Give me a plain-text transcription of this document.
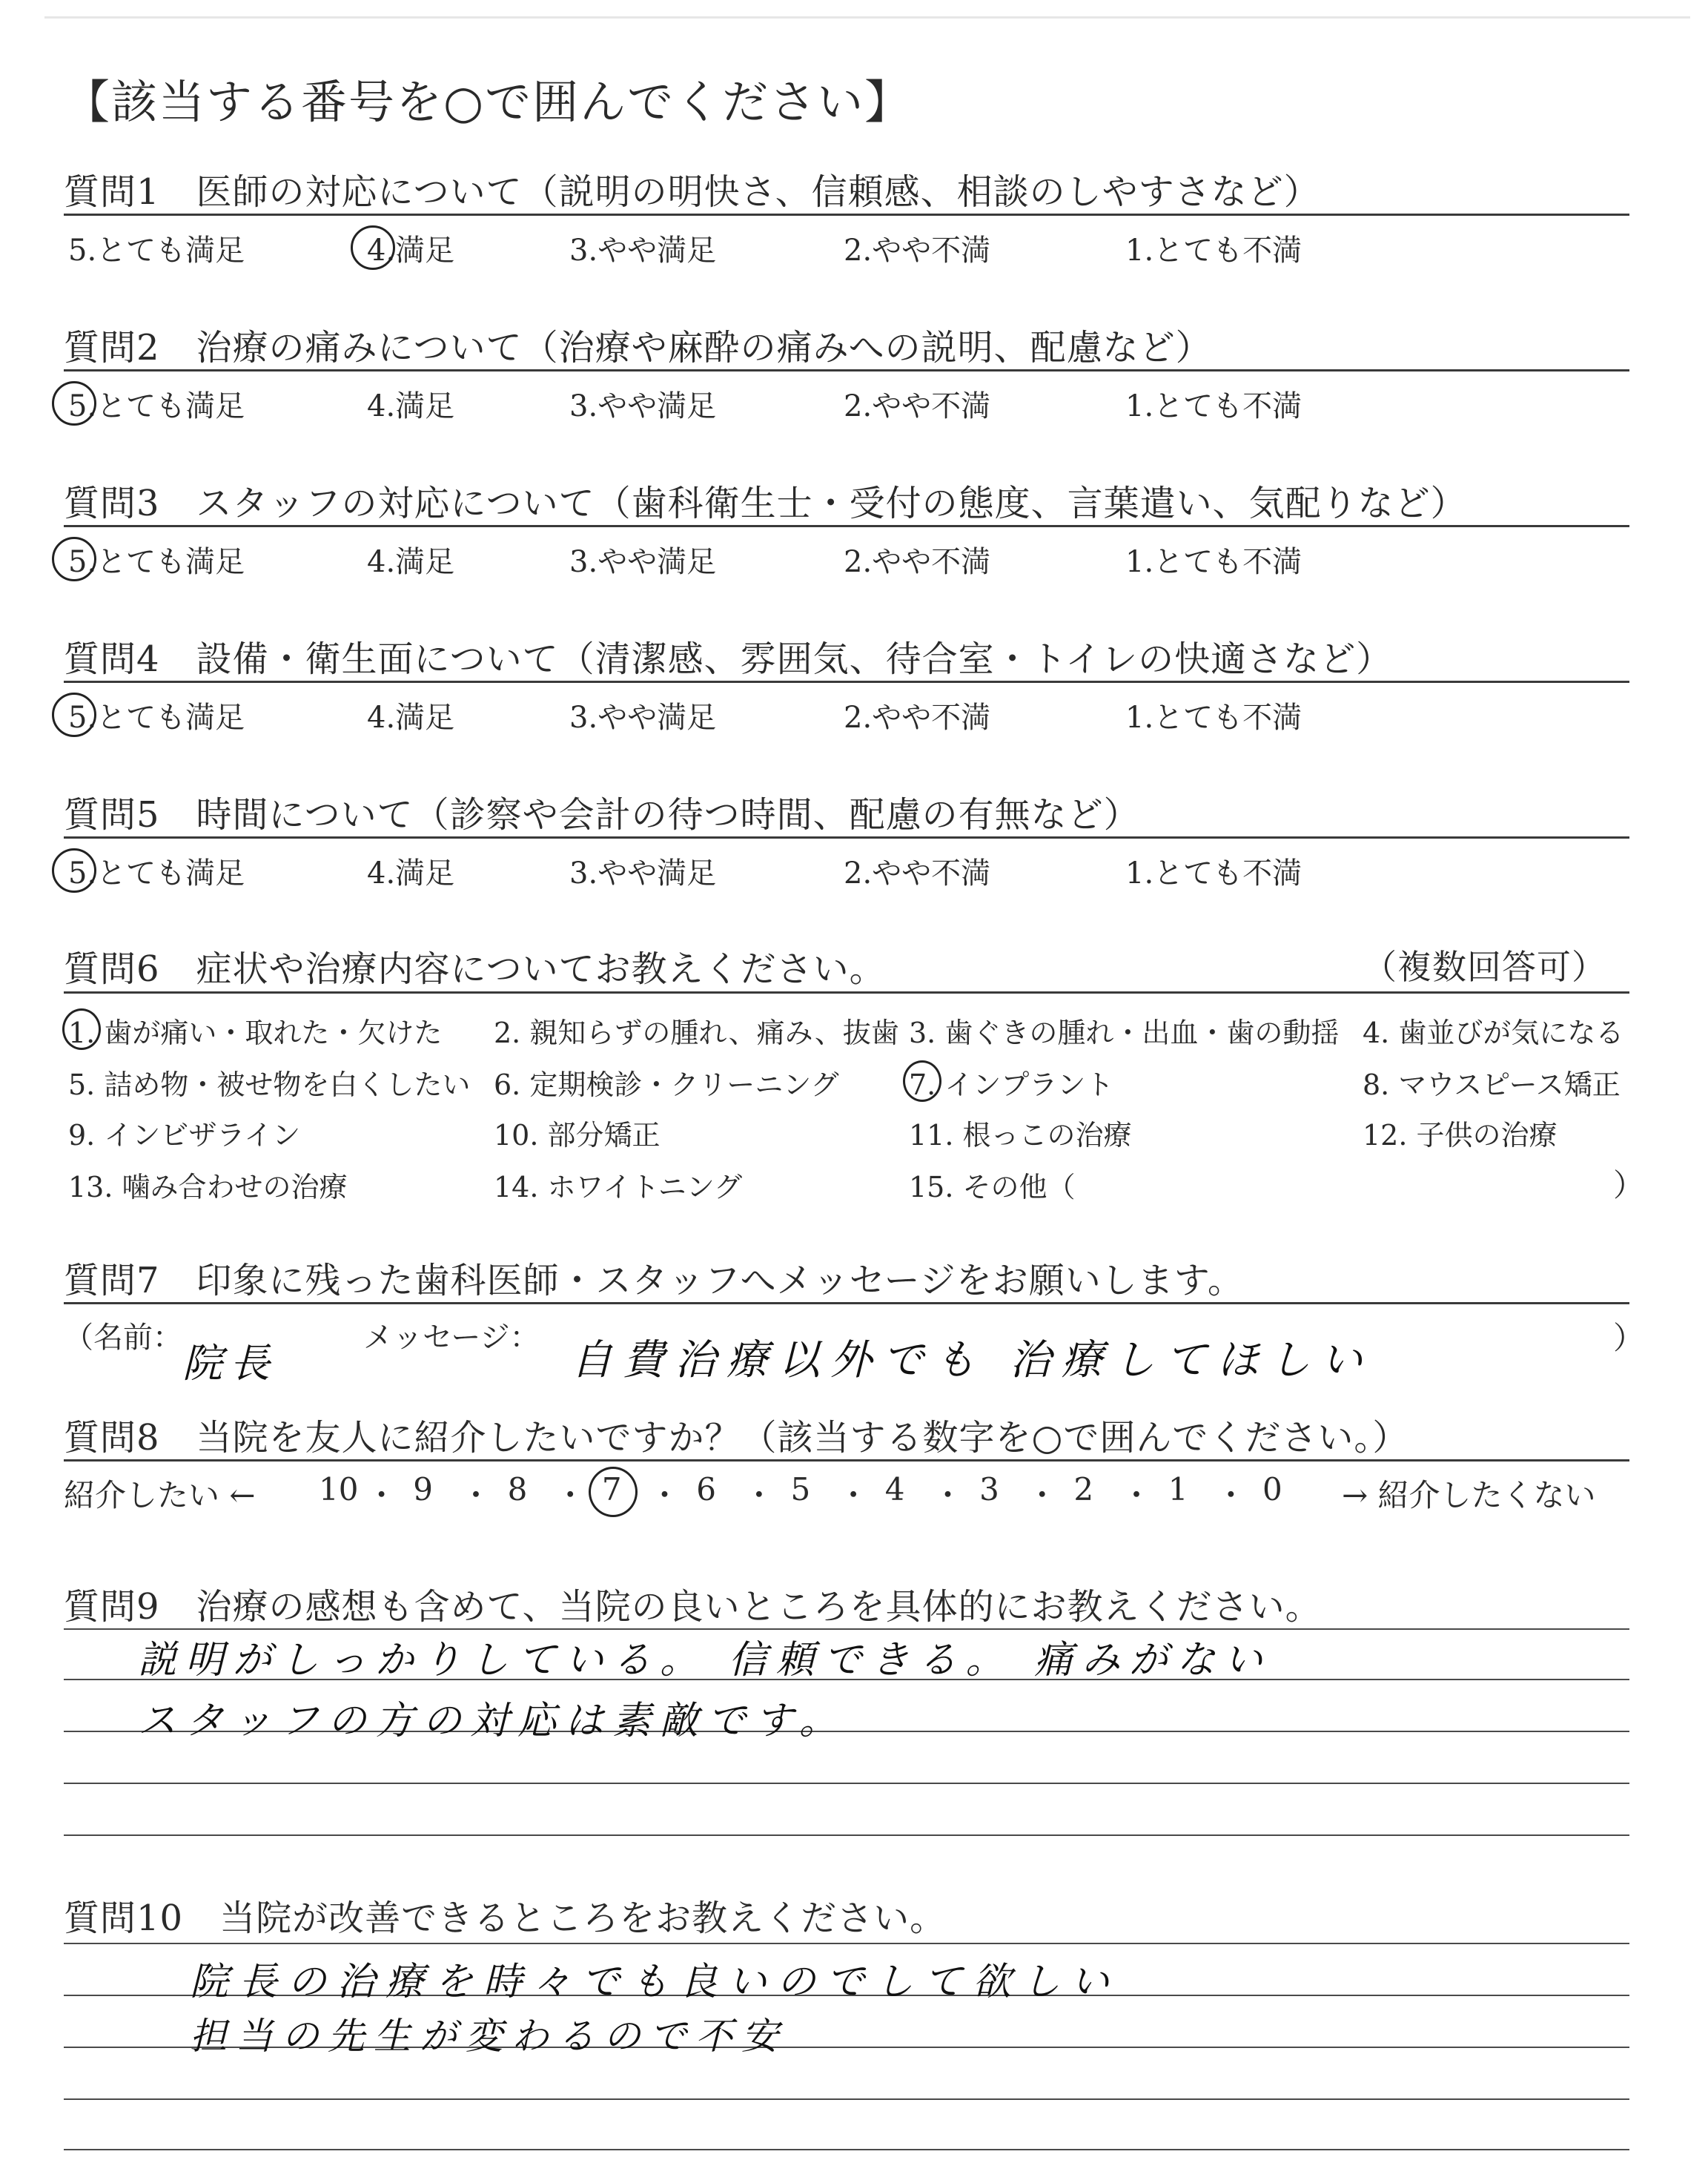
【該当する番号を○で囲んでください】
質問1　医師の対応について（説明の明快さ、信頼感、相談のしやすさなど）
5.とても満足	4.満足	3.やや満足	2.やや不満	1.とても不満
質問2　治療の痛みについて（治療や麻酔の痛みへの説明、配慮など）
5.とても満足	4.満足	3.やや満足	2.やや不満	1.とても不満
質問3　スタッフの対応について（歯科衛生士・受付の態度、言葉遣い、気配りなど）
5.とても満足	4.満足	3.やや満足	2.やや不満	1.とても不満
質問4　設備・衛生面について（清潔感、雰囲気、待合室・トイレの快適さなど）
5.とても満足	4.満足	3.やや満足	2.やや不満	1.とても不満
質問5　時間について（診察や会計の待つ時間、配慮の有無など）
5.とても満足	4.満足	3.やや満足	2.やや不満	1.とても不満
質問6　症状や治療内容についてお教えください。	（複数回答可）
1. 歯が痛い・取れた・欠けた 2. 親知らずの腫れ、痛み、抜歯 3. 歯ぐきの腫れ・出血・歯の動揺 4. 歯並びが気になる
5. 詰め物・被せ物を白くしたい 6. 定期検診・クリーニング 7. インプラント	8. マウスピース矯正
9. インビザライン	10. 部分矯正	11. 根っこの治療	12. 子供の治療
13. 噛み合わせの治療	14. ホワイトニング	15. その他（	）
質問7　印象に残った歯科医師・スタッフへメッセージをお願いします。
（名前：
院長
メッセージ： 自費治療以外でも 治療してほしい	）
質問8　当院を友人に紹介したいですか？（該当する数字を○で囲んでください。）
紹介したい ← 10 ・ 9 ・ 8 ・ 7 ・ 6 ・ 5 ・ 4 ・ 3 ・ 2 ・ 1 ・ 0 → 紹介したくない
質問9　治療の感想も含めて、当院の良いところを具体的にお教えください。
説明がしっかりしている。 信頼できる。 痛みがない
スタッフの方の対応は素敵です。
質問10　当院が改善できるところをお教えください。
院長の治療を時々でも良いのでして欲しい
担当の先生が変わるので不安
